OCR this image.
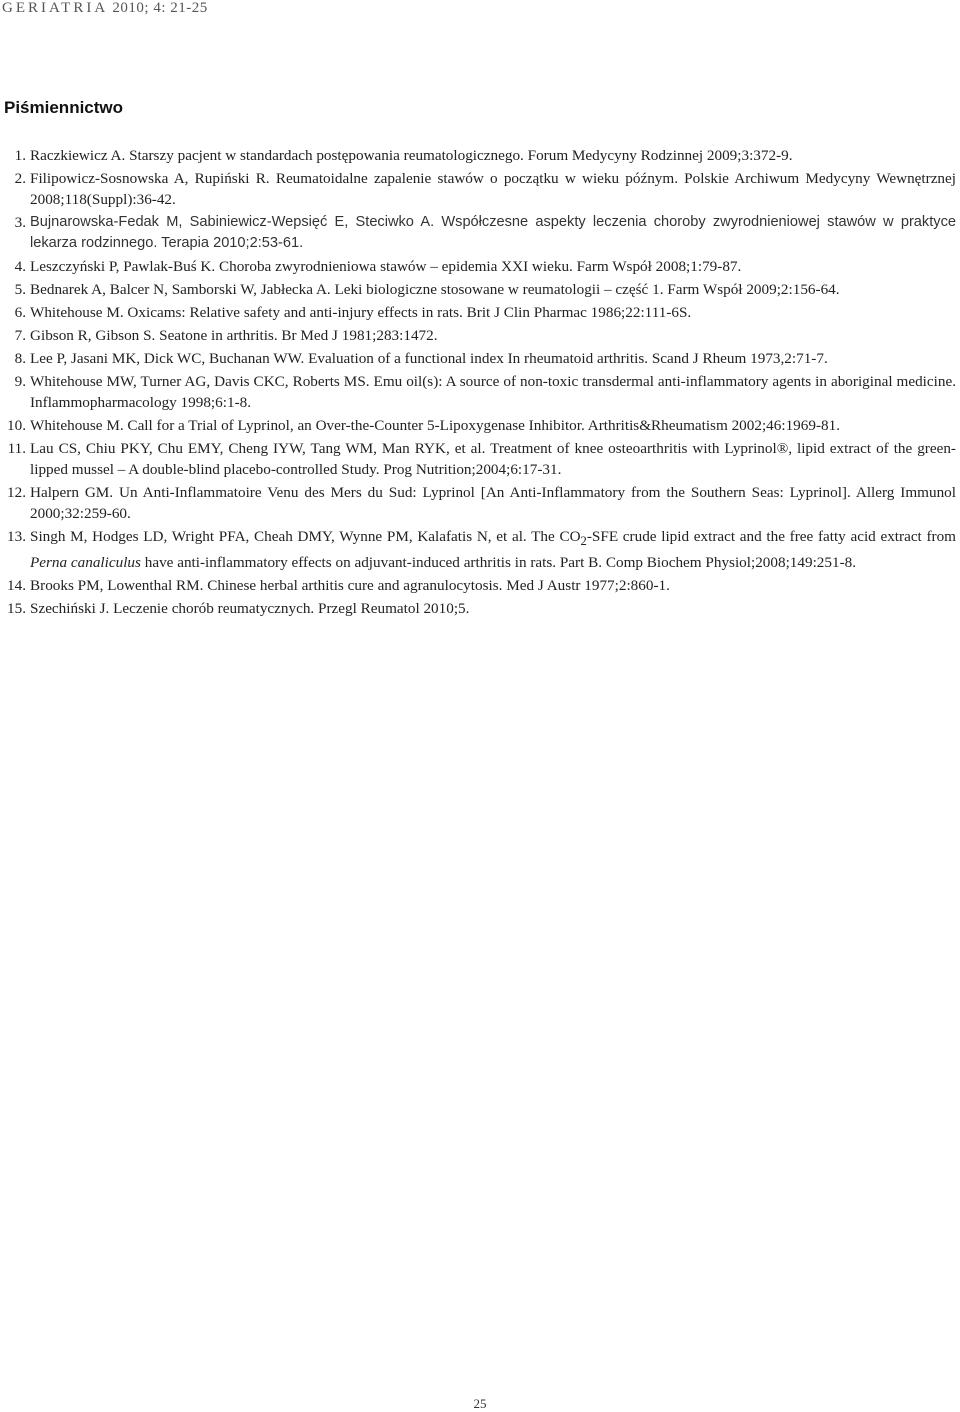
GERIATRIA 2010; 4: 21-25
Piśmiennictwo
1. Raczkiewicz A. Starszy pacjent w standardach postępowania reumatologicznego. Forum Medycyny Rodzinnej 2009;3:372-9.
2. Filipowicz-Sosnowska A, Rupiński R. Reumatoidalne zapalenie stawów o początku w wieku późnym. Polskie Archiwum Medycyny Wewnętrznej 2008;118(Suppl):36-42.
3. Bujnarowska-Fedak M, Sabiniewicz-Wepsięć E, Steciwko A. Współczesne aspekty leczenia choroby zwyrodnieniowej stawów w praktyce lekarza rodzinnego. Terapia 2010;2:53-61.
4. Leszczyński P, Pawlak-Buś K. Choroba zwyrodnieniowa stawów – epidemia XXI wieku. Farm Współ 2008;1:79-87.
5. Bednarek A, Balcer N, Samborski W, Jabłecka A. Leki biologiczne stosowane w reumatologii – część 1. Farm Współ 2009;2:156-64.
6. Whitehouse M. Oxicams: Relative safety and anti-injury effects in rats. Brit J Clin Pharmac 1986;22:111-6S.
7. Gibson R, Gibson S. Seatone in arthritis. Br Med J 1981;283:1472.
8. Lee P, Jasani MK, Dick WC, Buchanan WW. Evaluation of a functional index In rheumatoid arthritis. Scand J Rheum 1973,2:71-7.
9. Whitehouse MW, Turner AG, Davis CKC, Roberts MS. Emu oil(s): A source of non-toxic transdermal anti-inflammatory agents in aboriginal medicine. Inflammopharmacology 1998;6:1-8.
10. Whitehouse M. Call for a Trial of Lyprinol, an Over-the-Counter 5-Lipoxygenase Inhibitor. Arthritis&Rheumatism 2002;46:1969-81.
11. Lau CS, Chiu PKY, Chu EMY, Cheng IYW, Tang WM, Man RYK, et al. Treatment of knee osteoarthritis with Lyprinol®, lipid extract of the green-lipped mussel – A double-blind placebo-controlled Study. Prog Nutrition;2004;6:17-31.
12. Halpern GM. Un Anti-Inflammatoire Venu des Mers du Sud: Lyprinol [An Anti-Inflammatory from the Southern Seas: Lyprinol]. Allerg Immunol 2000;32:259-60.
13. Singh M, Hodges LD, Wright PFA, Cheah DMY, Wynne PM, Kalafatis N, et al. The $CO_2$-SFE crude lipid extract and the free fatty acid extract from Perna canaliculus have anti-inflammatory effects on adjuvant-induced arthritis in rats. Part B. Comp Biochem Physiol;2008;149:251-8.
14. Brooks PM, Lowenthal RM. Chinese herbal arthitis cure and agranulocytosis. Med J Austr 1977;2:860-1.
15. Szechiński J. Leczenie chorób reumatycznych. Przegl Reumatol 2010;5.
25
